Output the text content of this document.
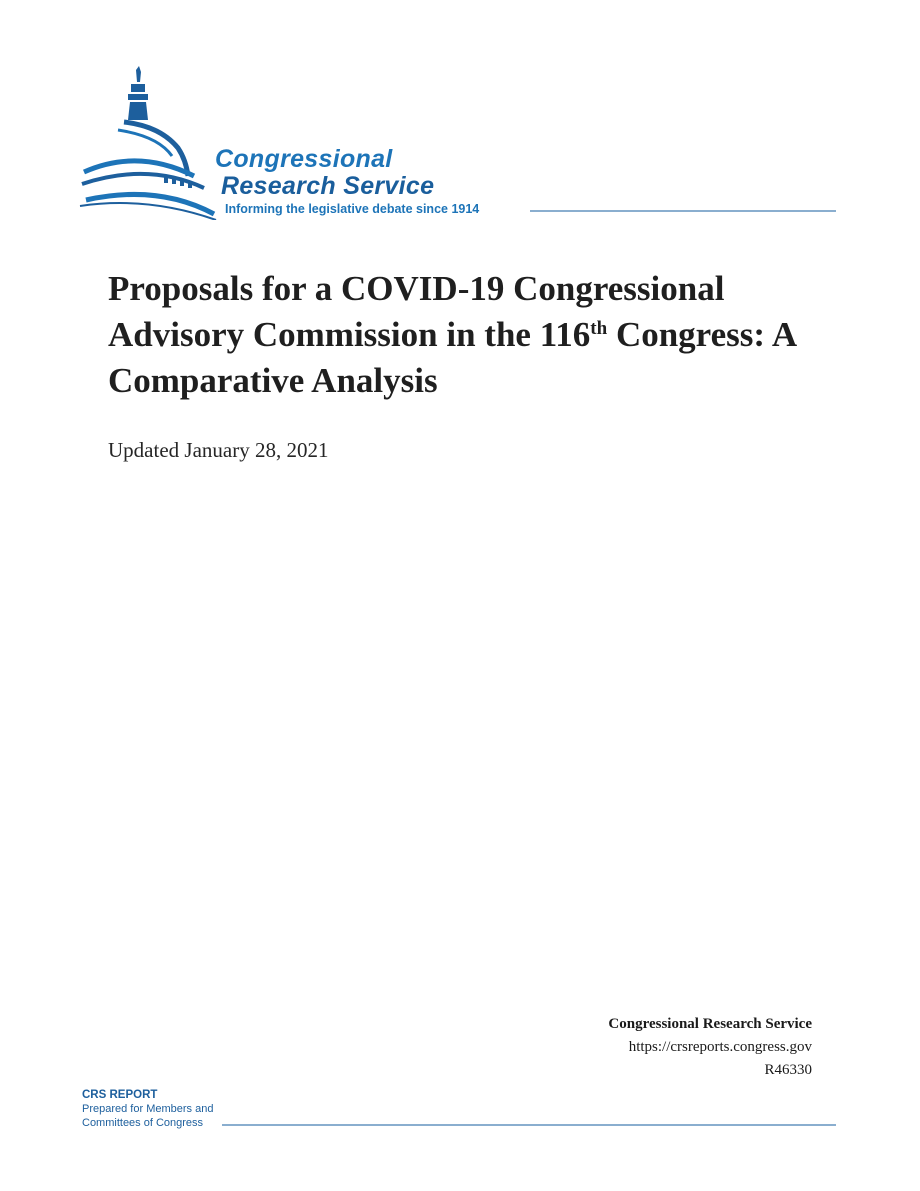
Congressional
Research Service
Informing the legislative debate since 1914
Proposals for a COVID-19 Congressional Advisory Commission in the 116th Congress: A Comparative Analysis
Updated January 28, 2021
Congressional Research Service
https://crsreports.congress.gov
R46330
CRS REPORT
Prepared for Members and
Committees of Congress
